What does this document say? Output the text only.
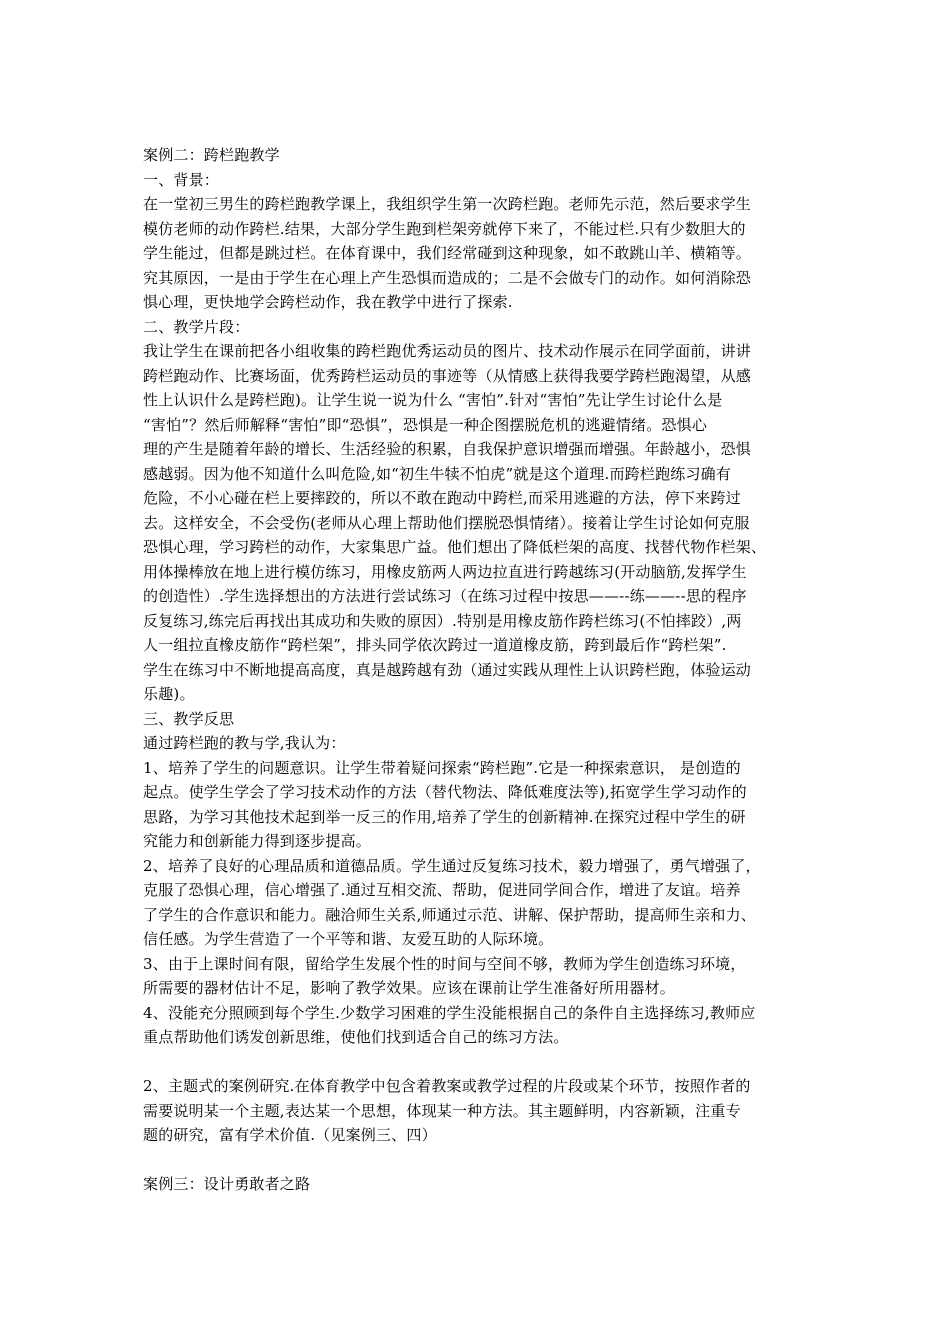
案例二：跨栏跑教学
一、背景：
在一堂初三男生的跨栏跑教学课上，我组织学生第一次跨栏跑。老师先示范，然后要求学生
模仿老师的动作跨栏.结果，大部分学生跑到栏架旁就停下来了，不能过栏.只有少数胆大的
学生能过，但都是跳过栏。在体育课中，我们经常碰到这种现象，如不敢跳山羊、横箱等。
究其原因，一是由于学生在心理上产生恐惧而造成的；二是不会做专门的动作。如何消除恐
惧心理，更快地学会跨栏动作，我在教学中进行了探索.
二、教学片段：
我让学生在课前把各小组收集的跨栏跑优秀运动员的图片、技术动作展示在同学面前，讲讲
跨栏跑动作、比赛场面，优秀跨栏运动员的事迹等（从情感上获得我要学跨栏跑渴望，从感
性上认识什么是跨栏跑)。让学生说一说为什么 “害怕”.针对“害怕”先让学生讨论什么是
“害怕”？然后师解释“害怕”即“恐惧”，恐惧是一种企图摆脱危机的逃避情绪。恐惧心
理的产生是随着年龄的增长、生活经验的积累，自我保护意识增强而增强。年龄越小，恐惧
感越弱。因为他不知道什么叫危险,如“初生牛犊不怕虎”就是这个道理.而跨栏跑练习确有
危险，不小心碰在栏上要摔跤的，所以不敢在跑动中跨栏,而采用逃避的方法，停下来跨过
去。这样安全，不会受伤(老师从心理上帮助他们摆脱恐惧情绪）。接着让学生讨论如何克服
恐惧心理，学习跨栏的动作，大家集思广益。他们想出了降低栏架的高度、找替代物作栏架、
用体操棒放在地上进行模仿练习，用橡皮筋两人两边拉直进行跨越练习(开动脑筋,发挥学生
的创造性）.学生选择想出的方法进行尝试练习（在练习过程中按思——--练——--思的程序
反复练习,练完后再找出其成功和失败的原因）.特别是用橡皮筋作跨栏练习(不怕摔跤）,两
人一组拉直橡皮筋作“跨栏架”，排头同学依次跨过一道道橡皮筋，跨到最后作“跨栏架”.
学生在练习中不断地提高高度，真是越跨越有劲（通过实践从理性上认识跨栏跑，体验运动
乐趣)。
三、教学反思
通过跨栏跑的教与学,我认为：
1、培养了学生的问题意识。让学生带着疑问探索“跨栏跑”.它是一种探索意识， 是创造的
起点。使学生学会了学习技术动作的方法（替代物法、降低难度法等),拓宽学生学习动作的
思路，为学习其他技术起到举一反三的作用,培养了学生的创新精神.在探究过程中学生的研
究能力和创新能力得到逐步提高。
2、培养了良好的心理品质和道德品质。学生通过反复练习技术，毅力增强了，勇气增强了，
克服了恐惧心理，信心增强了.通过互相交流、帮助，促进同学间合作，增进了友谊。培养
了学生的合作意识和能力。融洽师生关系,师通过示范、讲解、保护帮助，提高师生亲和力、
信任感。为学生营造了一个平等和谐、友爱互助的人际环境。
3、由于上课时间有限，留给学生发展个性的时间与空间不够，教师为学生创造练习环境，
所需要的器材估计不足，影响了教学效果。应该在课前让学生准备好所用器材。
4、没能充分照顾到每个学生.少数学习困难的学生没能根据自己的条件自主选择练习,教师应
重点帮助他们诱发创新思维，使他们找到适合自己的练习方法。
2、主题式的案例研究.在体育教学中包含着教案或教学过程的片段或某个环节，按照作者的
需要说明某一个主题,表达某一个思想，体现某一种方法。其主题鲜明，内容新颖，注重专
题的研究，富有学术价值.（见案例三、四）
案例三：设计勇敢者之路
